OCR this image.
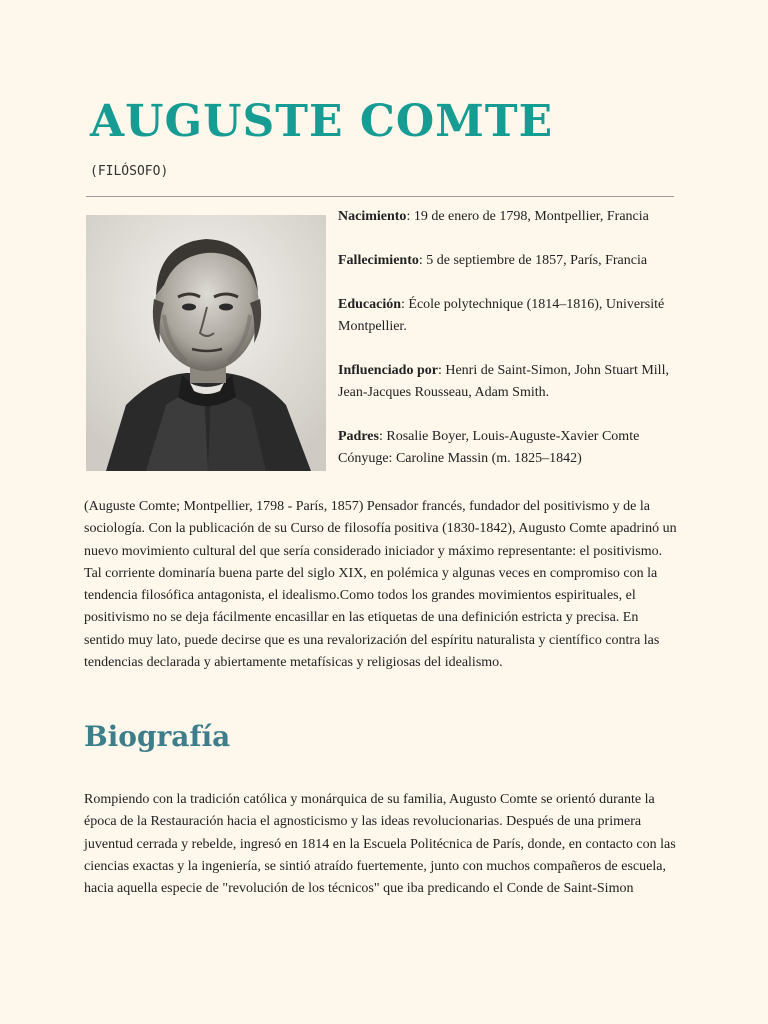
AUGUSTE COMTE
(FILÓSOFO)

Nacimiento: 19 de enero de 1798, Montpellier, Francia

Fallecimiento: 5 de septiembre de 1857, París, Francia

Educación: École polytechnique (1814–1816), Université Montpellier.

Influenciado por: Henri de Saint-Simon, John Stuart Mill, Jean-Jacques Rousseau, Adam Smith.

Padres: Rosalie Boyer, Louis-Auguste-Xavier Comte
Cónyuge: Caroline Massin (m. 1825–1842)

(Auguste Comte; Montpellier, 1798 - París, 1857) Pensador francés, fundador del positivismo y de la sociología. Con la publicación de su Curso de filosofía positiva (1830-1842), Augusto Comte apadrinó un nuevo movimiento cultural del que sería considerado iniciador y máximo representante: el positivismo. Tal corriente dominaría buena parte del siglo XIX, en polémica y algunas veces en compromiso con la tendencia filosófica antagonista, el idealismo.Como todos los grandes movimientos espirituales, el positivismo no se deja fácilmente encasillar en las etiquetas de una definición estricta y precisa. En sentido muy lato, puede decirse que es una revalorización del espíritu naturalista y científico contra las tendencias declarada y abiertamente metafísicas y religiosas del idealismo.

Biografía

Rompiendo con la tradición católica y monárquica de su familia, Augusto Comte se orientó durante la época de la Restauración hacia el agnosticismo y las ideas revolucionarias. Después de una primera juventud cerrada y rebelde, ingresó en 1814 en la Escuela Politécnica de París, donde, en contacto con las ciencias exactas y la ingeniería, se sintió atraído fuertemente, junto con muchos compañeros de escuela, hacia aquella especie de "revolución de los técnicos" que iba predicando el Conde de Saint-Simon
